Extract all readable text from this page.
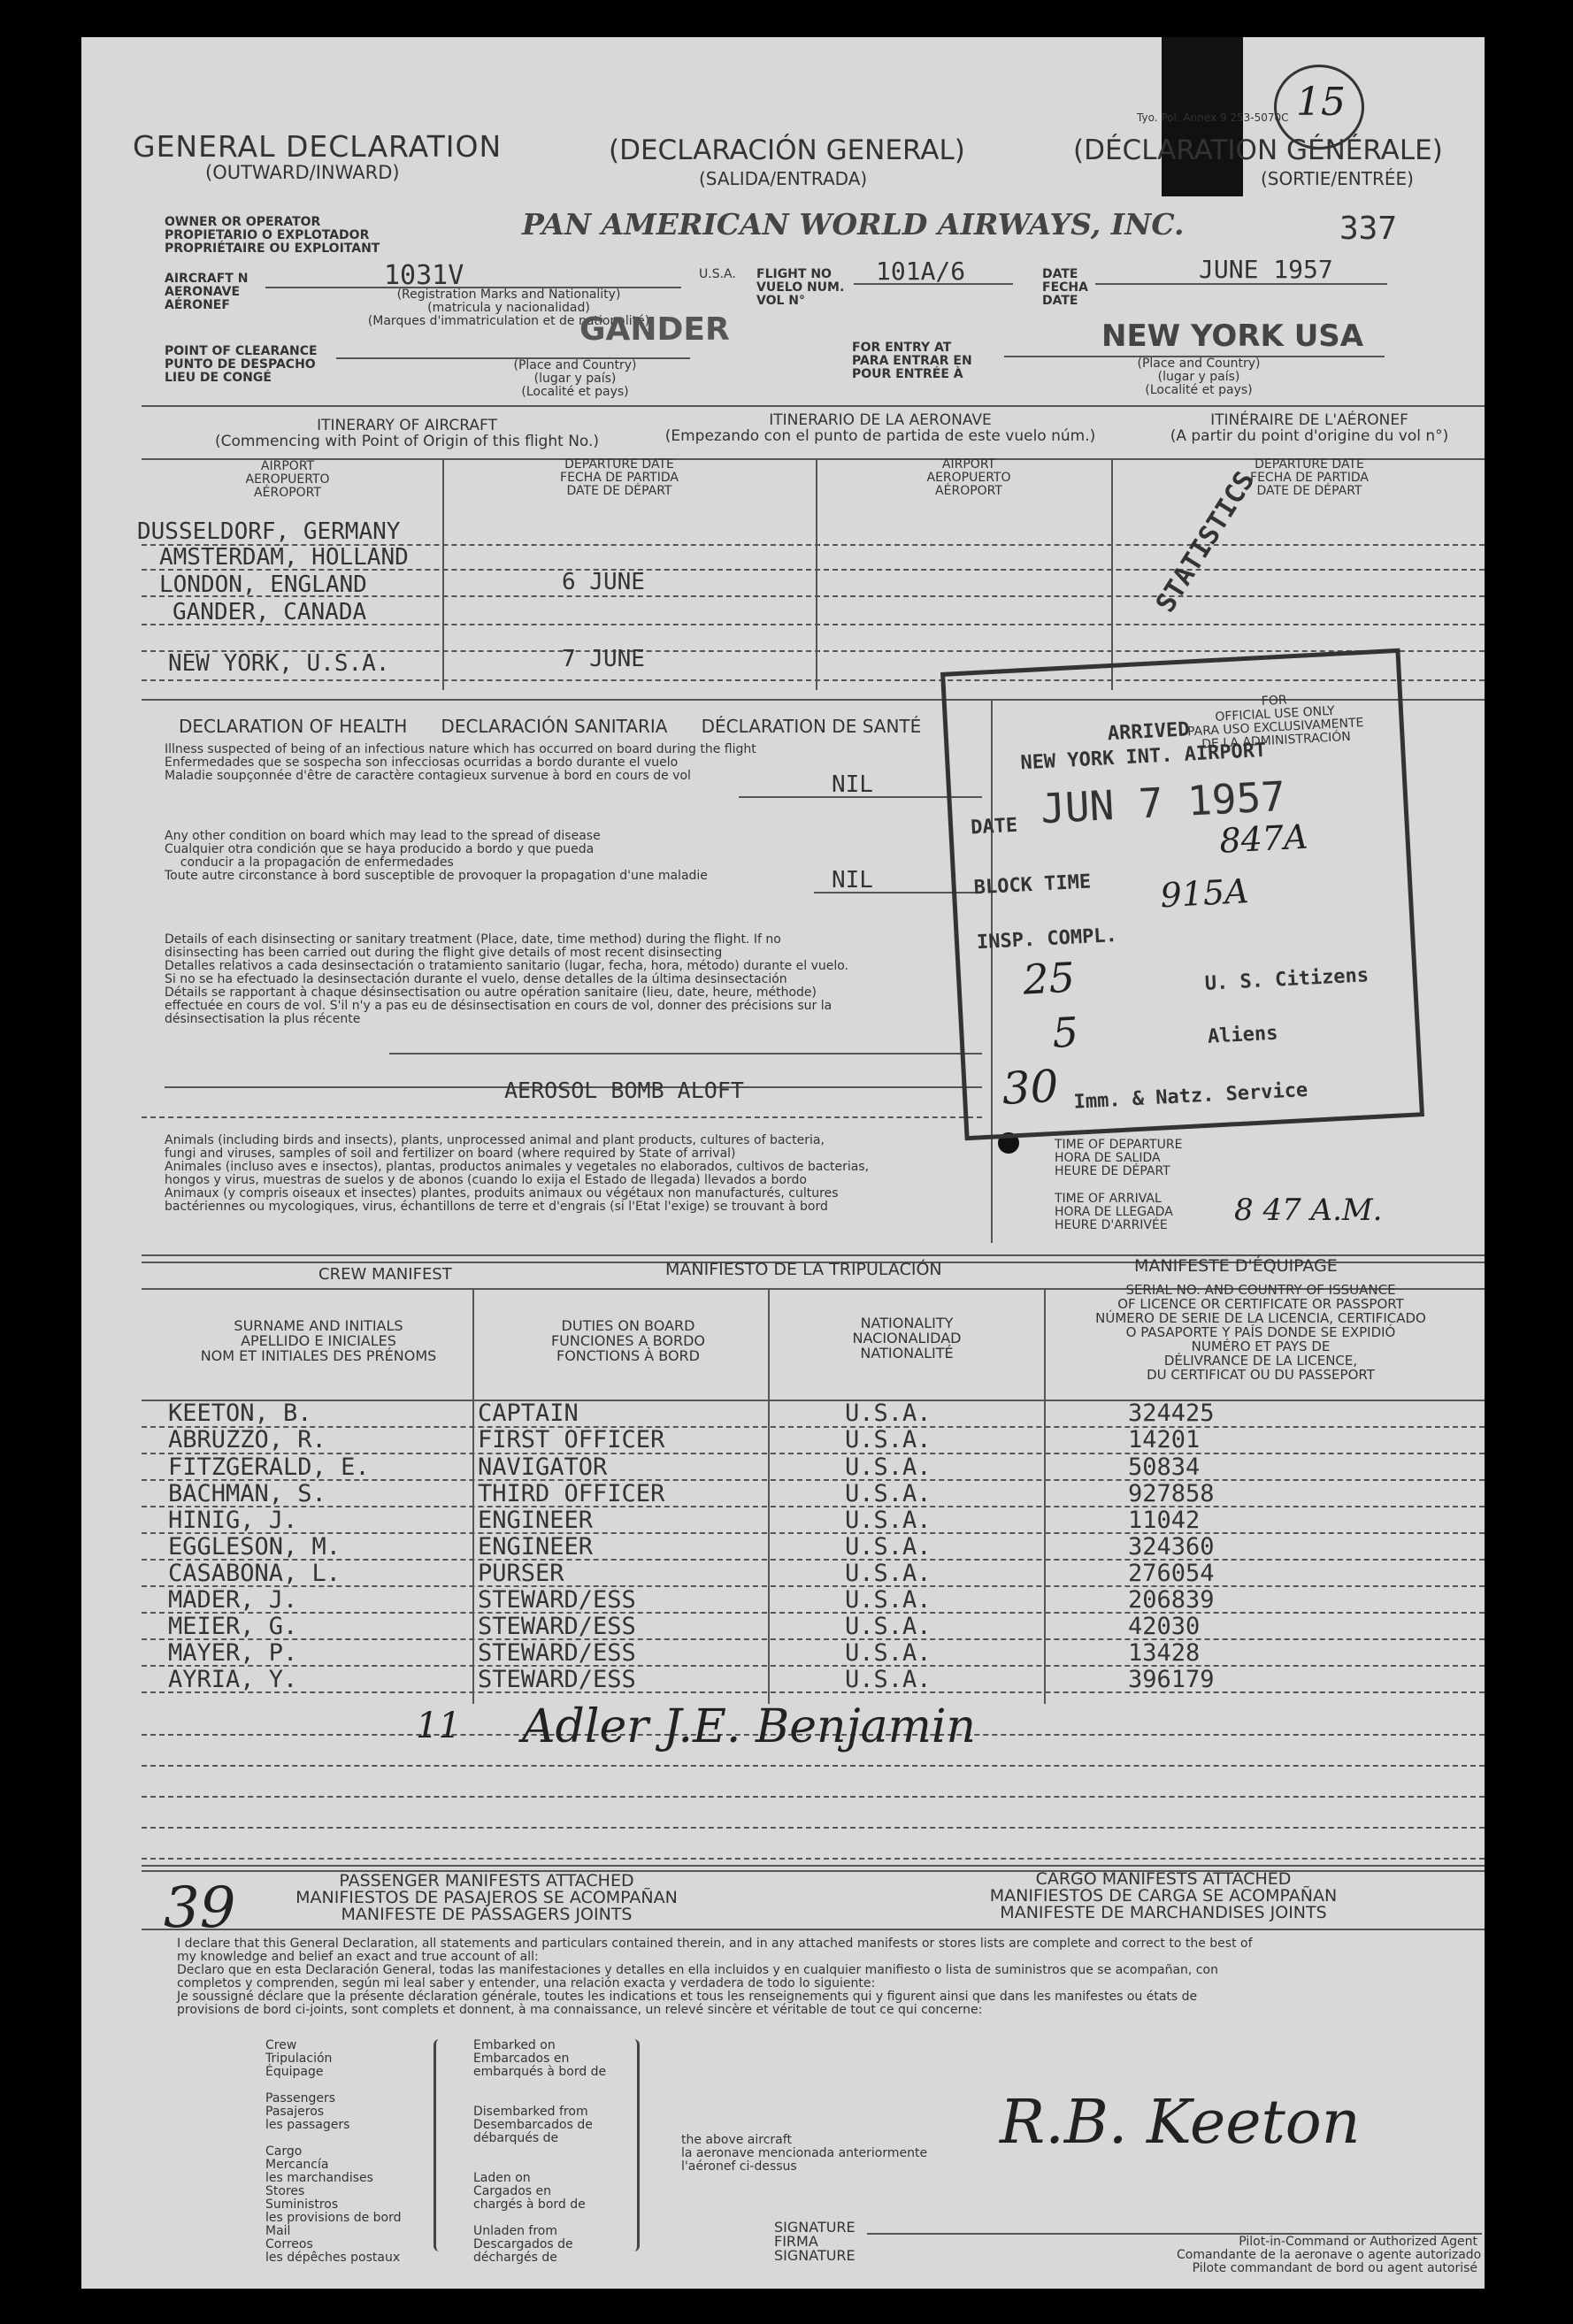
GENERAL DECLARATION
(OUTWARD/INWARD)
(DECLARACIÓN GENERAL)
(SALIDA/ENTRADA)
(DÉCLARATION GÉNÉRALE)
(SORTIE/ENTRÉE)
Tyo. Pol. Annex 9 253-5070C 15
337
OWNER OR OPERATOR
PROPIETARIO O EXPLOTADOR
PROPRIÉTAIRE OU EXPLOITANT
PAN AMERICAN WORLD AIRWAYS, INC.
AIRCRAFT N
AERONAVE
AÉRONEF
1031V
(Registration Marks and Nationality)
(matricula y nacionalidad)
(Marques d'immatriculation et de nationalité)
U.S.A. FLIGHT NO
VUELO NUM.
VOL N°
101A/6	DATE
FECHA
DATE
JUNE 1957
POINT OF CLEARANCE
PUNTO DE DESPACHO
LIEU DE CONGÉ
GANDER
(Place and Country)
(lugar y país)
(Localité et pays)
FOR ENTRY AT
PARA ENTRAR EN
POUR ENTRÉE À
NEW YORK USA
(Place and Country)
(lugar y país)
(Localité et pays)
ITINERARY OF AIRCRAFT
(Commencing with Point of Origin of this flight No.)
ITINERARIO DE LA AERONAVE
(Empezando con el punto de partida de este vuelo núm.)
ITINÉRAIRE DE L'AÉRONEF
(A partir du point d'origine du vol n°)
AIRPORT
AEROPUERTO
AÉROPORT
DEPARTURE DATE
FECHA DE PARTIDA
DATE DE DÉPART
AIRPORT
AEROPUERTO
AÉROPORT
DEPARTURE DATE
FECHA DE PARTIDA
DATE DE DÉPART
DUSSELDORF, GERMANY
AMSTERDAM, HOLLAND
LONDON, ENGLAND	6 JUNE
GANDER, CANADA
NEW YORK, U.S.A.	7 JUNE
STATISTICS
DECLARATION OF HEALTH      DECLARACIÓN SANITARIA      DÉCLARATION DE SANTÉ
Illness suspected of being of an infectious nature which has occurred on board during the flight
Enfermedades que se sospecha son infecciosas ocurridas a bordo durante el vuelo
Maladie soupçonnée d'être de caractère contagieux survenue à bord en cours de vol	NIL
Any other condition on board which may lead to the spread of disease
Cualquier otra condición que se haya producido a bordo y que pueda
conducir a la propagación de enfermedades
Toute autre circonstance à bord susceptible de provoquer la propagation d'une maladie	NIL
Details of each disinsecting or sanitary treatment (Place, date, time method) during the flight. If no
disinsecting has been carried out during the flight give details of most recent disinsecting
Detalles relativos a cada desinsectación o tratamiento sanitario (lugar, fecha, hora, método) durante el vuelo.
Si no se ha efectuado la desinsectación durante el vuelo, dense detalles de la última desinsectación
Détails se rapportant à chaque désinsectisation ou autre opération sanitaire (lieu, date, heure, méthode)
effectuée en cours de vol. S'il n'y a pas eu de désinsectisation en cours de vol, donner des précisions sur la
désinsectisation la plus récente
AEROSOL BOMB ALOFT
Animals (including birds and insects), plants, unprocessed animal and plant products, cultures of bacteria,
fungi and viruses, samples of soil and fertilizer on board (where required by State of arrival)
Animales (incluso aves e insectos), plantas, productos animales y vegetales no elaborados, cultivos de bacterias,
hongos y virus, muestras de suelos y de abonos (cuando lo exija el Estado de llegada) llevados a bordo
Animaux (y compris oiseaux et insectes) plantes, produits animaux ou végétaux non manufacturés, cultures
bactériennes ou mycologiques, virus, échantillons de terre et d'engrais (si l'Etat l'exige) se trouvant à bord
FOR
OFFICIAL USE ONLY
PARA USO EXCLUSIVAMENTE
DE LA ADMINISTRACIÓN
ARRIVED
NEW YORK INT. AIRPORT
DATE JUN 7 1957
BLOCK TIME
847A
INSP. COMPL.
915A
25	U. S. Citizens
5	Aliens
30 Imm. & Natz. Service
TIME OF DEPARTURE
HORA DE SALIDA
HEURE DE DÉPART
TIME OF ARRIVAL
HORA DE LLEGADA
HEURE D'ARRIVÉE 8 47 A.M.
CREW MANIFEST	MANIFIESTO DE LA TRIPULACIÓN	MANIFESTE D'ÉQUIPAGE
SURNAME AND INITIALS
APELLIDO E INICIALES
NOM ET INITIALES DES PRÉNOMS
DUTIES ON BOARD
FUNCIONES A BORDO
FONCTIONS À BORD
NATIONALITY
NACIONALIDAD
NATIONALITÉ
SERIAL NO. AND COUNTRY OF ISSUANCE
OF LICENCE OR CERTIFICATE OR PASSPORT
NÚMERO DE SERIE DE LA LICENCIA, CERTIFICADO
O PASAPORTE Y PAÍS DONDE SE EXPIDIÓ
NUMÉRO ET PAYS DE
DÉLIVRANCE DE LA LICENCE,
DU CERTIFICAT OU DU PASSEPORT
KEETON, B.	CAPTAIN	U.S.A.	324425
ABRUZZO, R.	FIRST OFFICER	U.S.A.	14201
FITZGERALD, E.	NAVIGATOR	U.S.A.	50834
BACHMAN, S.	THIRD OFFICER	U.S.A.	927858
HINIG, J.	ENGINEER	U.S.A.	11042
EGGLESON, M.	ENGINEER	U.S.A.	324360
CASABONA, L.	PURSER	U.S.A.	276054
MADER, J.	STEWARD/ESS	U.S.A.	206839
MEIER, G.	STEWARD/ESS	U.S.A.	42030
MAYER, P.	STEWARD/ESS	U.S.A.	13428
AYRIA, Y.	STEWARD/ESS	U.S.A.	396179
11 Adler J.E. Benjamin
PASSENGER MANIFESTS ATTACHED
MANIFIESTOS DE PASAJEROS SE ACOMPAÑAN
MANIFESTE DE PASSAGERS JOINTS
39	CARGO MANIFESTS ATTACHED
MANIFIESTOS DE CARGA SE ACOMPAÑAN
MANIFESTE DE MARCHANDISES JOINTS
I declare that this General Declaration, all statements and particulars contained therein, and in any attached manifests or stores lists are complete and correct to the best of
my knowledge and belief an exact and true account of all:
Declaro que en esta Declaración General, todas las manifestaciones y detalles en ella incluidos y en cualquier manifiesto o lista de suministros que se acompañan, con
completos y comprenden, según mi leal saber y entender, una relación exacta y verdadera de todo lo siguiente:
Je soussigné déclare que la présente déclaration générale, toutes les indications et tous les renseignements qui y figurent ainsi que dans les manifestes ou états de
provisions de bord ci-joints, sont complets et donnent, à ma connaissance, un relevé sincère et véritable de tout ce qui concerne:
Crew
Tripulación
Équipage

Passengers
Pasajeros
les passagers

Cargo
Mercancía
les marchandises
Stores
Suministros
les provisions de bord
Mail
Correos
les dépêches postaux
Embarked on
Embarcados en
embarqués à bord de

Disembarked from
Desembarcados de
débarqués de

Laden on
Cargados en
chargés à bord de

Unladen from
Descargados de
déchargés de
the above aircraft
la aeronave mencionada anteriormente
l'aéronef ci-dessus
SIGNATURE
FIRMA
SIGNATURE
R.B. Keeton
Pilot-in-Command or Authorized Agent
Comandante de la aeronave o agente autorizado
Pilote commandant de bord ou agent autorisé
